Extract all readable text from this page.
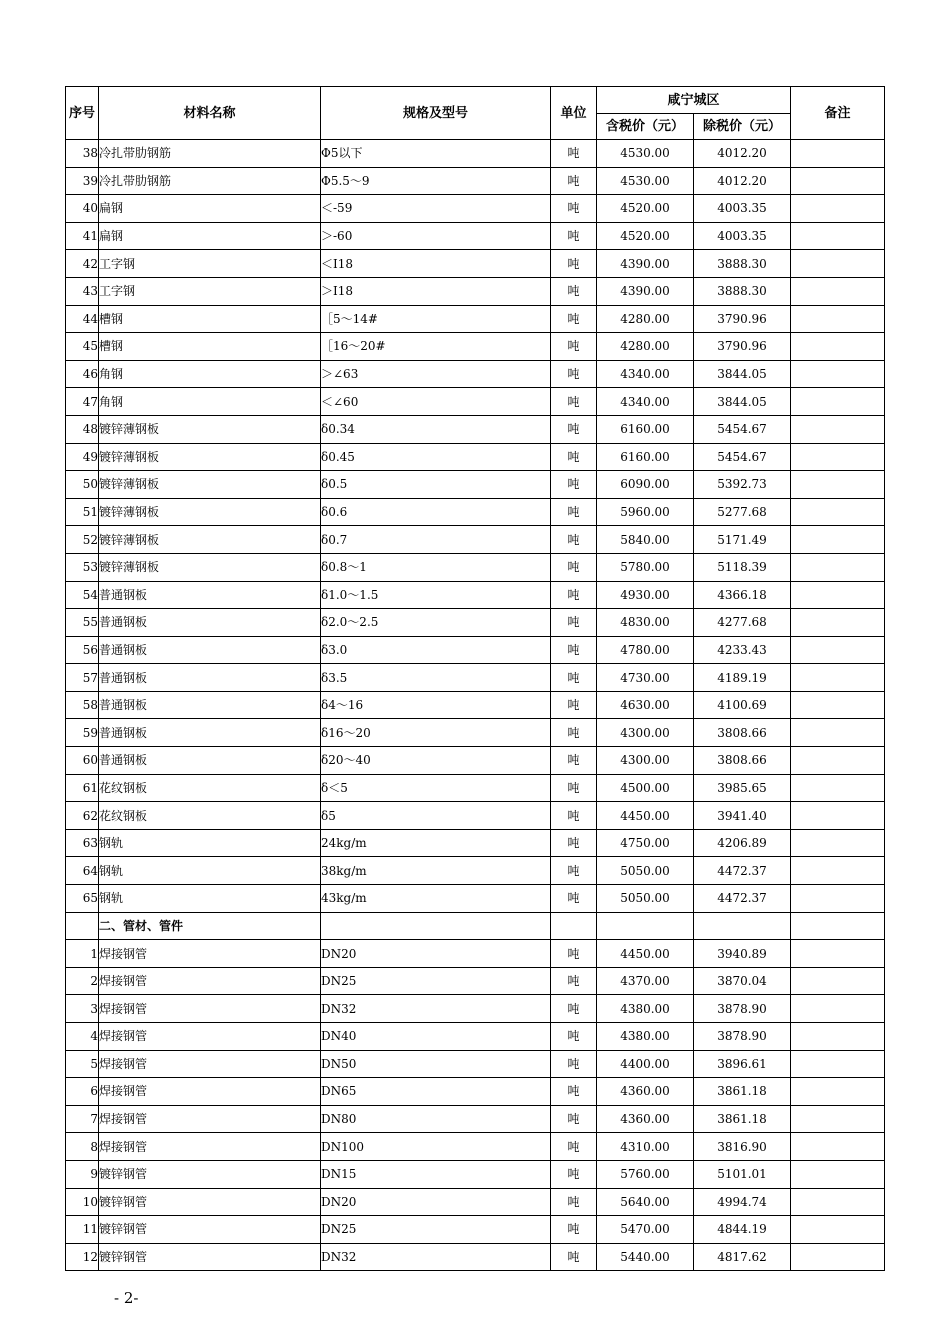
序号	材料名称	规格及型号	单位	咸宁城区		备注
				含税价（元）	除税价（元）	
38	冷扎带肋钢筋	Φ5以下	吨	4530.00	4012.20	
39	冷扎带肋钢筋	Φ5.5～9	吨	4530.00	4012.20	
40	扁钢	＜-59	吨	4520.00	4003.35	
41	扁钢	＞-60	吨	4520.00	4003.35	
42	工字钢	＜Ⅰ18	吨	4390.00	3888.30	
43	工字钢	＞Ⅰ18	吨	4390.00	3888.30	
44	槽钢	［5～14#	吨	4280.00	3790.96	
45	槽钢	［16～20#	吨	4280.00	3790.96	
46	角钢	＞∠63	吨	4340.00	3844.05	
47	角钢	＜∠60	吨	4340.00	3844.05	
48	镀锌薄钢板	δ0.34	吨	6160.00	5454.67	
49	镀锌薄钢板	δ0.45	吨	6160.00	5454.67	
50	镀锌薄钢板	δ0.5	吨	6090.00	5392.73	
51	镀锌薄钢板	δ0.6	吨	5960.00	5277.68	
52	镀锌薄钢板	δ0.7	吨	5840.00	5171.49	
53	镀锌薄钢板	δ0.8～1	吨	5780.00	5118.39	
54	普通钢板	δ1.0～1.5	吨	4930.00	4366.18	
55	普通钢板	δ2.0～2.5	吨	4830.00	4277.68	
56	普通钢板	δ3.0	吨	4780.00	4233.43	
57	普通钢板	δ3.5	吨	4730.00	4189.19	
58	普通钢板	δ4～16	吨	4630.00	4100.69	
59	普通钢板	δ16～20	吨	4300.00	3808.66	
60	普通钢板	δ20～40	吨	4300.00	3808.66	
61	花纹钢板	δ＜5	吨	4500.00	3985.65	
62	花纹钢板	δ5	吨	4450.00	3941.40	
63	钢轨	24kg/m	吨	4750.00	4206.89	
64	钢轨	38kg/m	吨	5050.00	4472.37	
65	钢轨	43kg/m	吨	5050.00	4472.37	
	二、管材、管件					
1	焊接钢管	DN20	吨	4450.00	3940.89	
2	焊接钢管	DN25	吨	4370.00	3870.04	
3	焊接钢管	DN32	吨	4380.00	3878.90	
4	焊接钢管	DN40	吨	4380.00	3878.90	
5	焊接钢管	DN50	吨	4400.00	3896.61	
6	焊接钢管	DN65	吨	4360.00	3861.18	
7	焊接钢管	DN80	吨	4360.00	3861.18	
8	焊接钢管	DN100	吨	4310.00	3816.90	
9	镀锌钢管	DN15	吨	5760.00	5101.01	
10	镀锌钢管	DN20	吨	5640.00	4994.74	
11	镀锌钢管	DN25	吨	5470.00	4844.19	
12	镀锌钢管	DN32	吨	5440.00	4817.62	
- 2-
